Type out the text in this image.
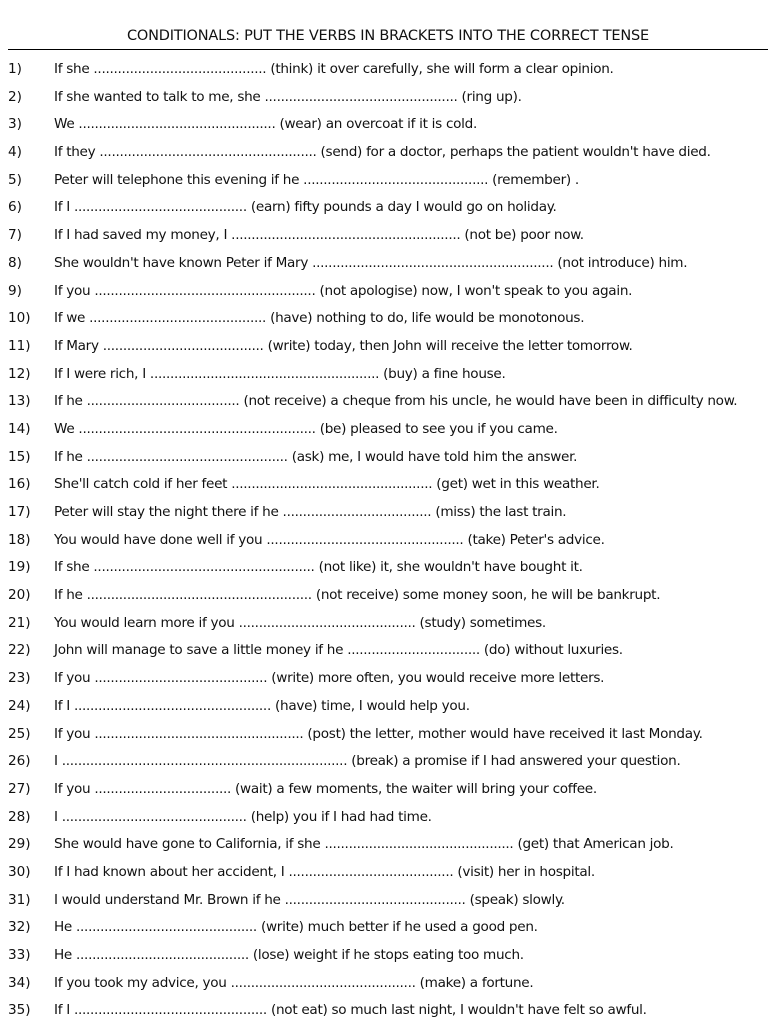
CONDITIONALS: PUT THE VERBS IN BRACKETS INTO THE CORRECT TENSE
1) If she ........................................... (think) it over carefully, she will form a clear opinion.
2) If she wanted to talk to me, she ................................................ (ring up).
3) We ................................................. (wear) an overcoat if it is cold.
4) If they ...................................................... (send) for a doctor, perhaps the patient wouldn't have died.
5) Peter will telephone this evening if he .............................................. (remember) .
6) If I ........................................... (earn) fifty pounds a day I would go on holiday.
7) If I had saved my money, I ......................................................... (not be) poor now.
8) She wouldn't have known Peter if Mary ............................................................ (not introduce) him.
9) If you ....................................................... (not apologise) now, I won't speak to you again.
10) If we ............................................ (have) nothing to do, life would be monotonous.
11) If Mary ........................................ (write) today, then John will receive the letter tomorrow.
12) If I were rich, I ......................................................... (buy) a fine house.
13) If he ...................................... (not receive) a cheque from his uncle, he would have been in difficulty now.
14) We ........................................................... (be) pleased to see you if you came.
15) If he .................................................. (ask) me, I would have told him the answer.
16) She'll catch cold if her feet .................................................. (get) wet in this weather.
17) Peter will stay the night there if he ..................................... (miss) the last train.
18) You would have done well if you ................................................. (take) Peter's advice.
19) If she ....................................................... (not like) it, she wouldn't have bought it.
20) If he ........................................................ (not receive) some money soon, he will be bankrupt.
21) You would learn more if you ............................................ (study) sometimes.
22) John will manage to save a little money if he ................................. (do) without luxuries.
23) If you ........................................... (write) more often, you would receive more letters.
24) If I ................................................. (have) time, I would help you.
25) If you .................................................... (post) the letter, mother would have received it last Monday.
26) I ....................................................................... (break) a promise if I had answered your question.
27) If you .................................. (wait) a few moments, the waiter will bring your coffee.
28) I .............................................. (help) you if I had had time.
29) She would have gone to California, if she ............................................... (get) that American job.
30) If I had known about her accident, I ......................................... (visit) her in hospital.
31) I would understand Mr. Brown if he ............................................. (speak) slowly.
32) He ............................................. (write) much better if he used a good pen.
33) He ........................................... (lose) weight if he stops eating too much.
34) If you took my advice, you .............................................. (make) a fortune.
35) If I ................................................ (not eat) so much last night, I wouldn't have felt so awful.
